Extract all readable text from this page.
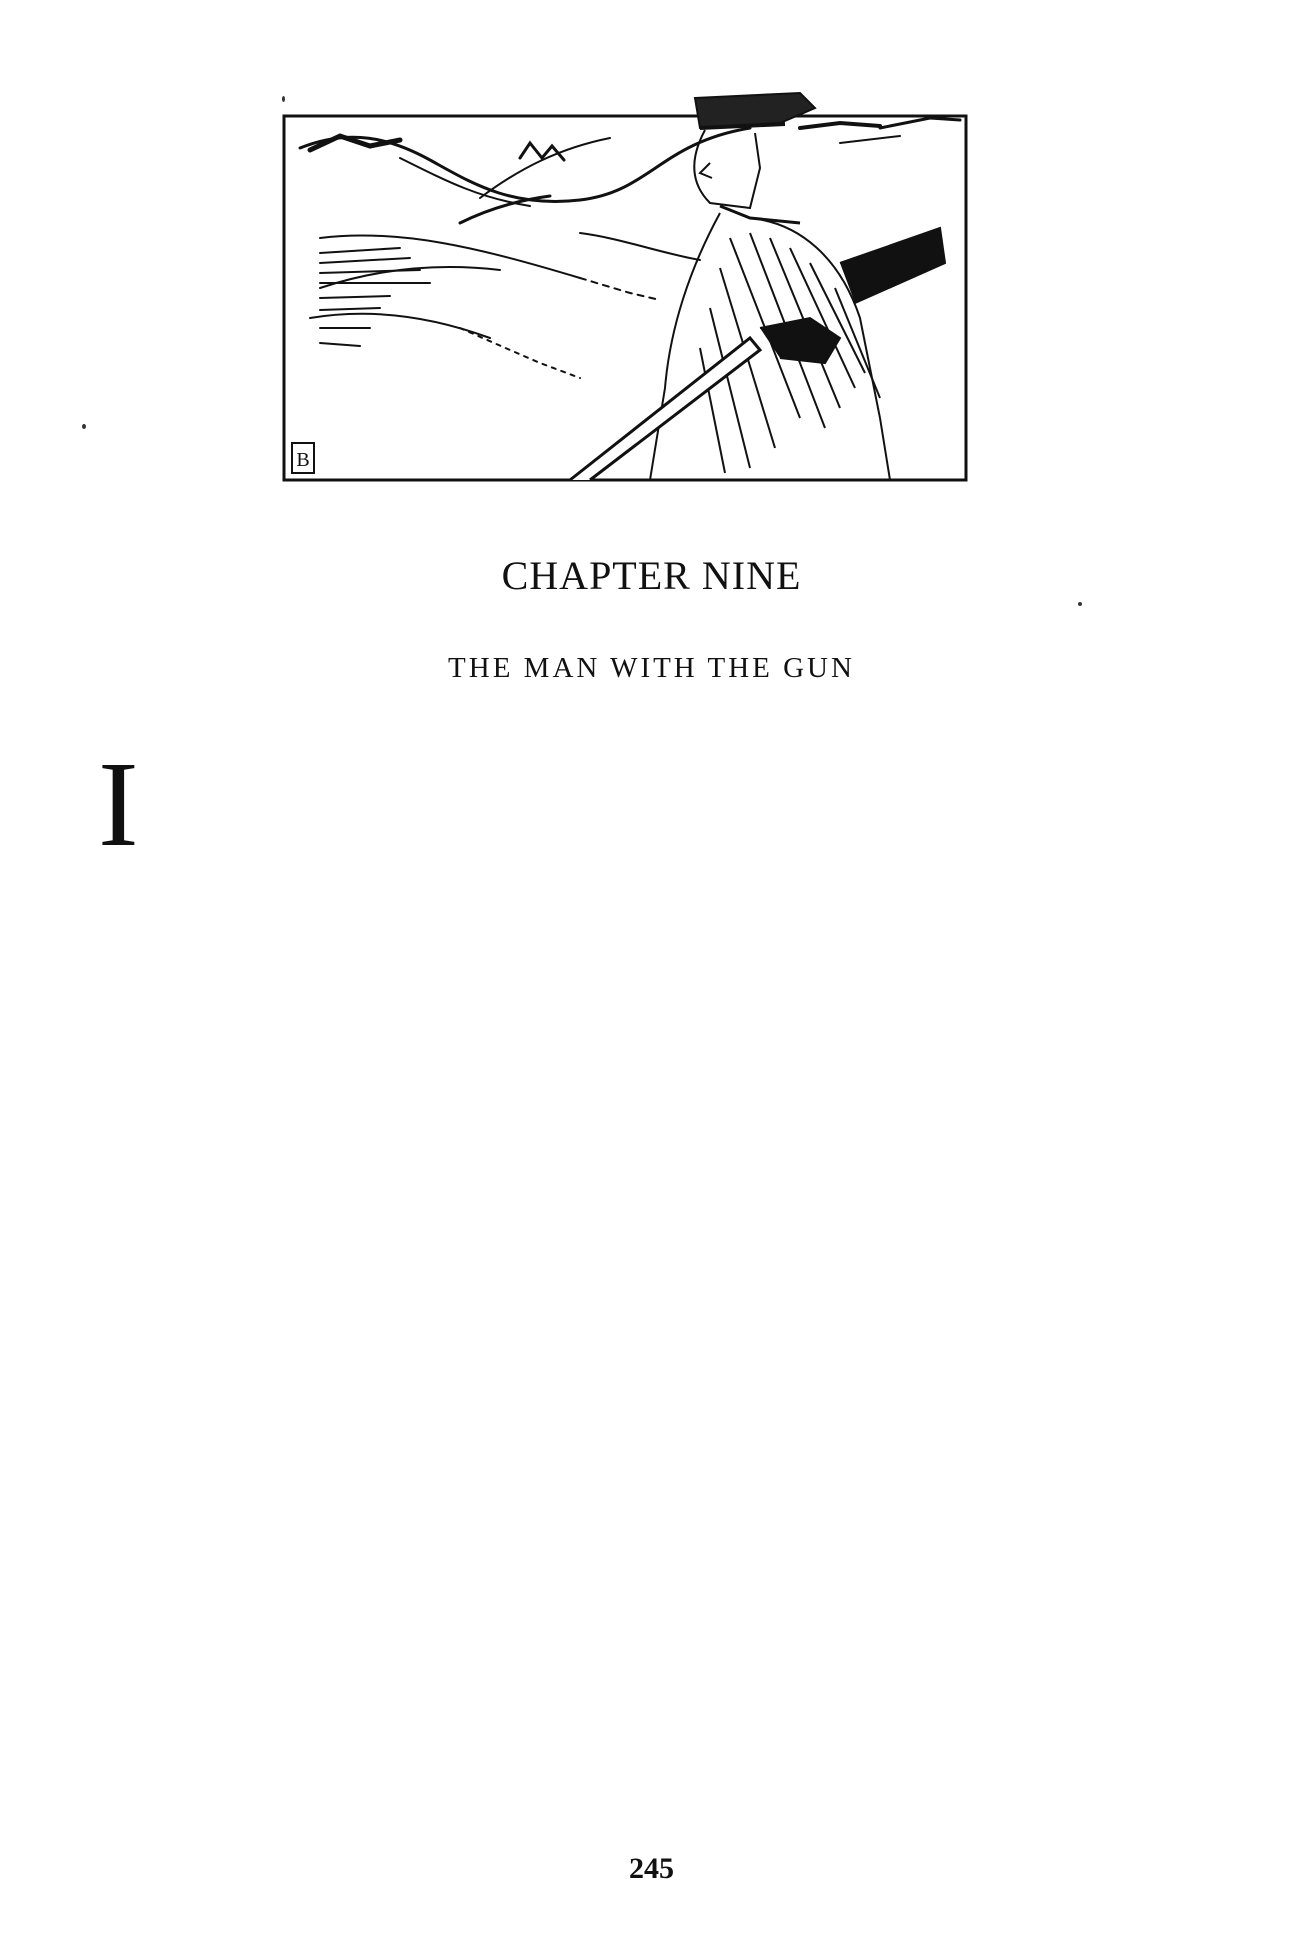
B
CHAPTER NINE
THE MAN WITH THE GUN
I
245
